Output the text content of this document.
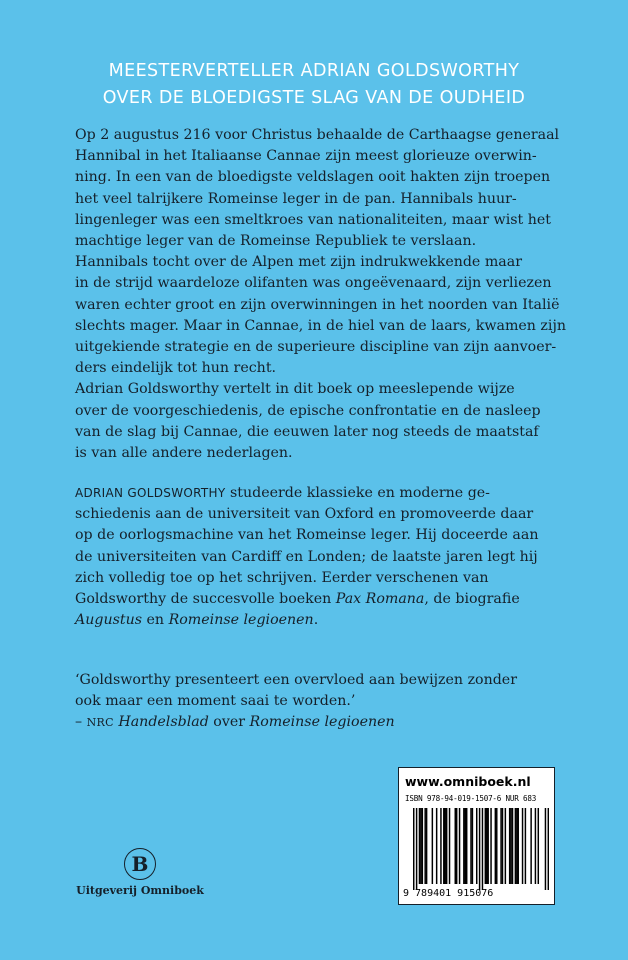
MEESTERVERTELLER ADRIAN GOLDSWORTHY
OVER DE BLOEDIGSTE SLAG VAN DE OUDHEID
Op 2 augustus 216 voor Christus behaalde de Carthaagse generaal
Hannibal in het Italiaanse Cannae zijn meest glorieuze overwin-
ning. In een van de bloedigste veldslagen ooit hakten zijn troepen
het veel talrijkere Romeinse leger in de pan. Hannibals huur-
lingenleger was een smeltkroes van nationaliteiten, maar wist het
machtige leger van de Romeinse Republiek te verslaan.
Hannibals tocht over de Alpen met zijn indrukwekkende maar
in de strijd waardeloze olifanten was ongeëvenaard, zijn verliezen
waren echter groot en zijn overwinningen in het noorden van Italië
slechts mager. Maar in Cannae, in de hiel van de laars, kwamen zijn
uitgekiende strategie en de superieure discipline van zijn aanvoer-
ders eindelijk tot hun recht.
Adrian Goldsworthy vertelt in dit boek op meeslepende wijze
over de voorgeschiedenis, de epische confrontatie en de nasleep
van de slag bij Cannae, die eeuwen later nog steeds de maatstaf
is van alle andere nederlagen.
ADRIAN GOLDSWORTHY studeerde klassieke en moderne ge-
schiedenis aan de universiteit van Oxford en promoveerde daar
op de oorlogsmachine van het Romeinse leger. Hij doceerde aan
de universiteiten van Cardiff en Londen; de laatste jaren legt hij
zich volledig toe op het schrijven. Eerder verschenen van
Goldsworthy de succesvolle boeken Pax Romana, de biografie
Augustus en Romeinse legioenen.
‘Goldsworthy presenteert een overvloed aan bewijzen zonder
ook maar een moment saai te worden.’
– NRC Handelsblad over Romeinse legioenen
B
Uitgeverij Omniboek
www.omniboek.nl
ISBN 978-94-019-1507-6 NUR 683
9 789401 915076
